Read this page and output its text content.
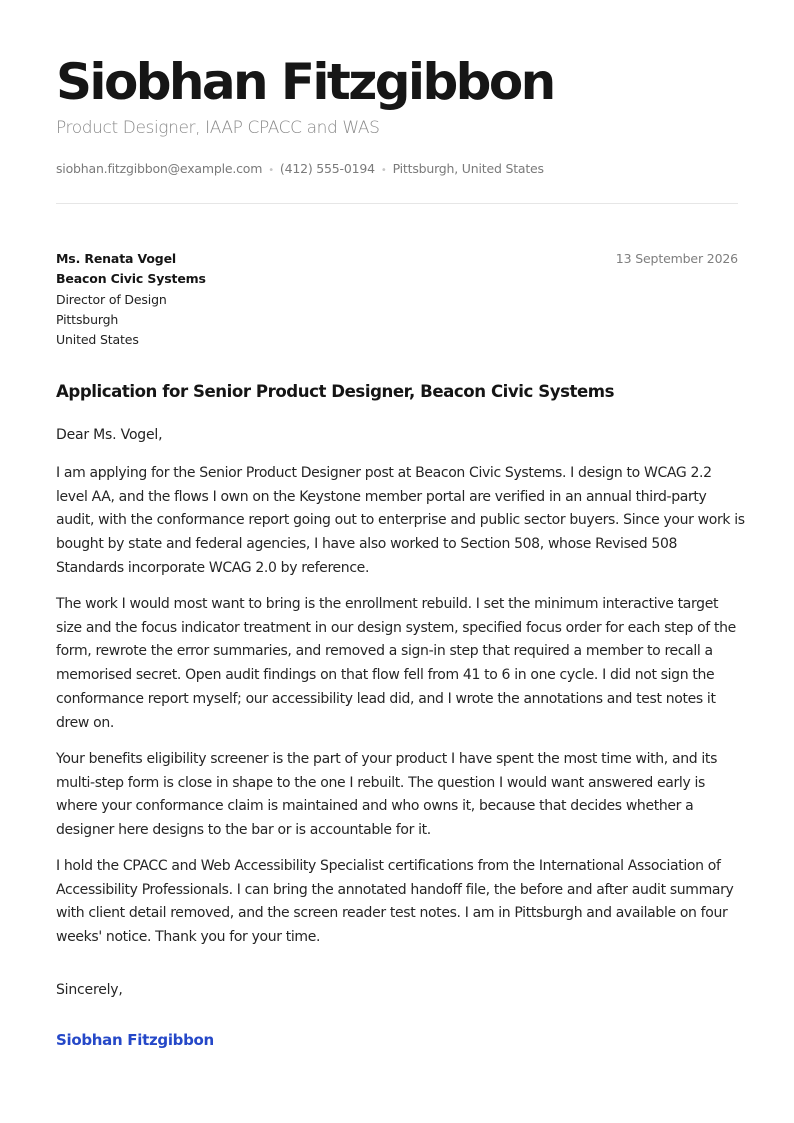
Siobhan Fitzgibbon
Product Designer, IAAP CPACC and WAS
siobhan.fitzgibbon@example.com • (412) 555-0194 • Pittsburgh, United States
Ms. Renata Vogel
Beacon Civic Systems
Director of Design
Pittsburgh
United States
13 September 2026
Application for Senior Product Designer, Beacon Civic Systems
Dear Ms. Vogel,

I am applying for the Senior Product Designer post at Beacon Civic Systems. I design to WCAG 2.2 level AA, and the flows I own on the Keystone member portal are verified in an annual third-party audit, with the conformance report going out to enterprise and public sector buyers. Since your work is bought by state and federal agencies, I have also worked to Section 508, whose Revised 508 Standards incorporate WCAG 2.0 by reference.

The work I would most want to bring is the enrollment rebuild. I set the minimum interactive target size and the focus indicator treatment in our design system, specified focus order for each step of the form, rewrote the error summaries, and removed a sign-in step that required a member to recall a memorised secret. Open audit findings on that flow fell from 41 to 6 in one cycle. I did not sign the conformance report myself; our accessibility lead did, and I wrote the annotations and test notes it drew on.

Your benefits eligibility screener is the part of your product I have spent the most time with, and its multi-step form is close in shape to the one I rebuilt. The question I would want answered early is where your conformance claim is maintained and who owns it, because that decides whether a designer here designs to the bar or is accountable for it.

I hold the CPACC and Web Accessibility Specialist certifications from the International Association of Accessibility Professionals. I can bring the annotated handoff file, the before and after audit summary with client detail removed, and the screen reader test notes. I am in Pittsburgh and available on four weeks' notice. Thank you for your time.

Sincerely,
Siobhan Fitzgibbon
